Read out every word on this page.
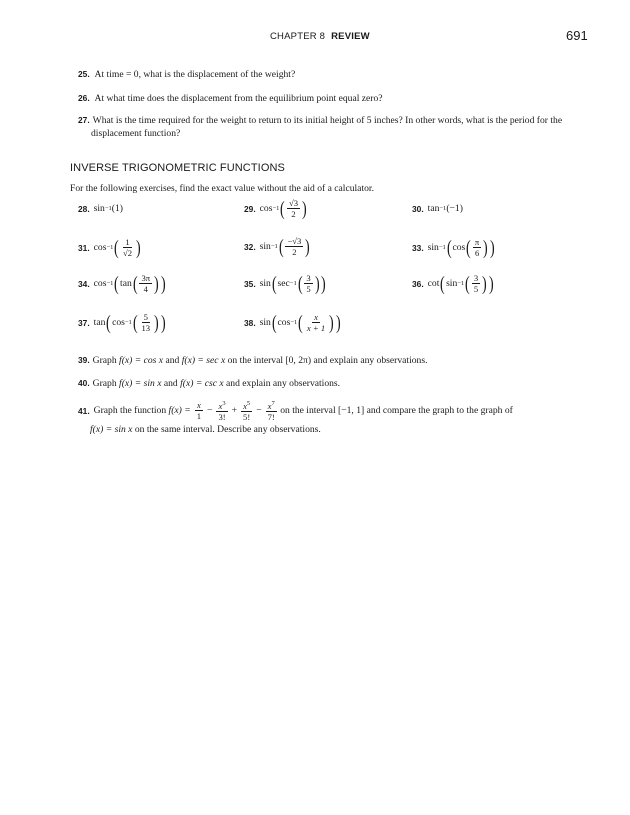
CHAPTER 8 REVIEW	691
25. At time = 0, what is the displacement of the weight?
26. At what time does the displacement from the equilibrium point equal zero?
27. What is the time required for the weight to return to its initial height of 5 inches? In other words, what is the period for the displacement function?
INVERSE TRIGONOMETRIC FUNCTIONS
For the following exercises, find the exact value without the aid of a calculator.
28. sin −1 (1)	29. cos −1 ( $\frac{√3}{2}$ )	30. tan −1 (−1)
31. cos −1 ( $\frac{1}{√2}$ )	32. sin −1 ( $\frac{-√3}{2}$ )	33. sin −1 ( cos ( $\frac{\pi}{6}$ ) )
34. cos −1 ( tan ( $\frac{3\pi}{4}$ ) )	35. sin ( sec −1 ( $\frac{3}{5}$ ) )	36. cot ( sin −1 ( $\frac{3}{5}$ ) )
37. tan ( cos −1 ( $\frac{5}{13}$ ) )	38. sin ( cos −1 ( $\frac{x}{x + 1}$ ) )
39. Graph f(x) = cos x and f(x) = sec x on the interval [0, 2π) and explain any observations.
40. Graph f(x) = sin x and f(x) = csc x and explain any observations.
41. Graph the function $f(x) = \frac{x}{1} - \frac{x^3}{3!} + \frac{x^5}{5!} - \frac{x^7}{7!}$ on the interval [−1, 1] and compare the graph to the graph of
f(x) = sin x on the same interval. Describe any observations.
